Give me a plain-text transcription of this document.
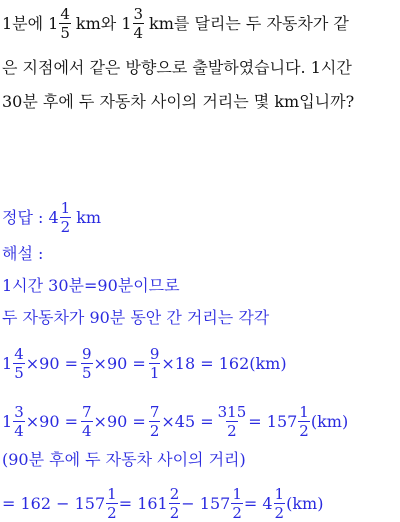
1분에 $1 \frac{4}{5}$ km와 $1 \frac{3}{4}$ km를 달리는 두 자동차가 같
은 지점에서 같은 방향으로 출발하였습니다. 1시간
30분 후에 두 자동차 사이의 거리는 몇 km입니까?
정답 : $4 \frac{1}{2}$ km
해설 :
1시간 30분=90분이므로
두 자동차가 90분 동안 간 거리는 각각
$1 \frac{4}{5} \times 90 = \frac{9}{5} \times 90 = \frac{9}{1} \times 18 = 162(km)$
$1 \frac{3}{4} \times 90 = \frac{7}{4} \times 90 = \frac{7}{2} \times 45 = \frac{315}{2} = 157 \frac{1}{2} (km)$
(90분 후에 두 자동차 사이의 거리)
= $162 - 157 \frac{1}{2} = 161 \frac{2}{2} - 157 \frac{1}{2} = 4 \frac{1}{2} (km)$
